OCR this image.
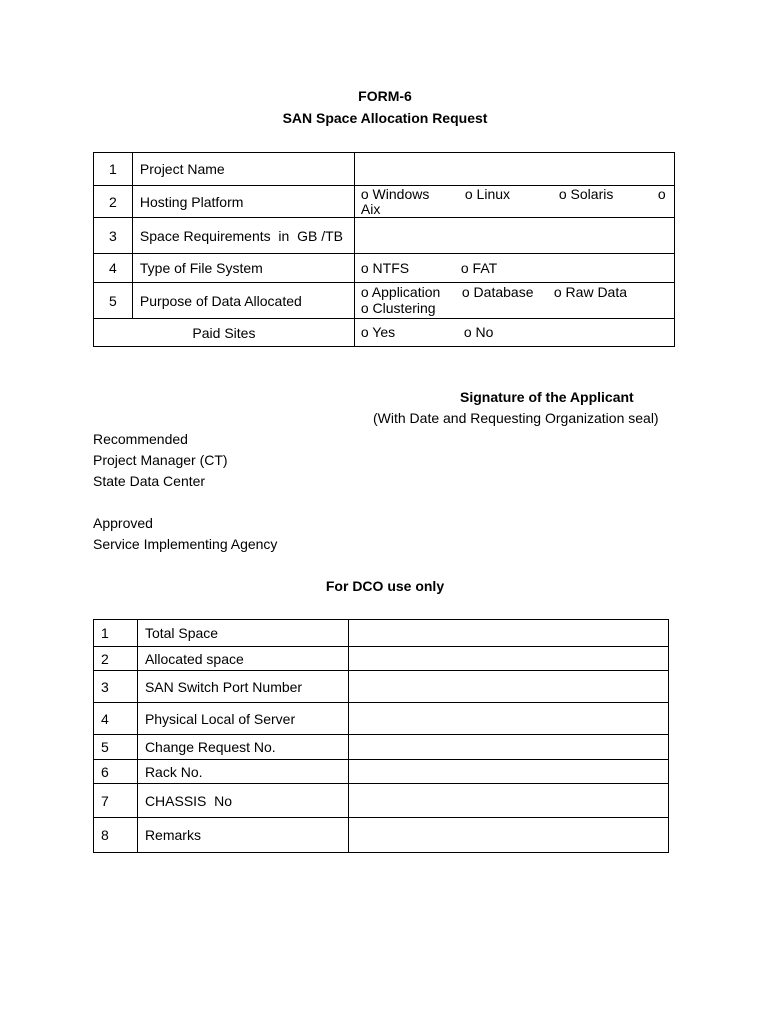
FORM-6
SAN Space Allocation Request
1	Project Name	
2	Hosting Platform	o Windows o Linux o Solaris o
Aix

3	Space Requirements  in  GB /TB	
4	Type of File System	o NTFS o FAT

5	Purpose of Data Allocated	o Application o Database o Raw Data
o Clustering

Paid Sites		o Yes o No
Signature of the Applicant
(With Date and Requesting Organization seal)
Recommended
Project Manager (CT)
State Data Center
Approved
Service Implementing Agency
For DCO use only
1	Total Space	
2	Allocated space	
3	SAN Switch Port Number	
4	Physical Local of Server	
5	Change Request No.	
6	Rack No.	
7	CHASSIS  No	
8	Remarks	
